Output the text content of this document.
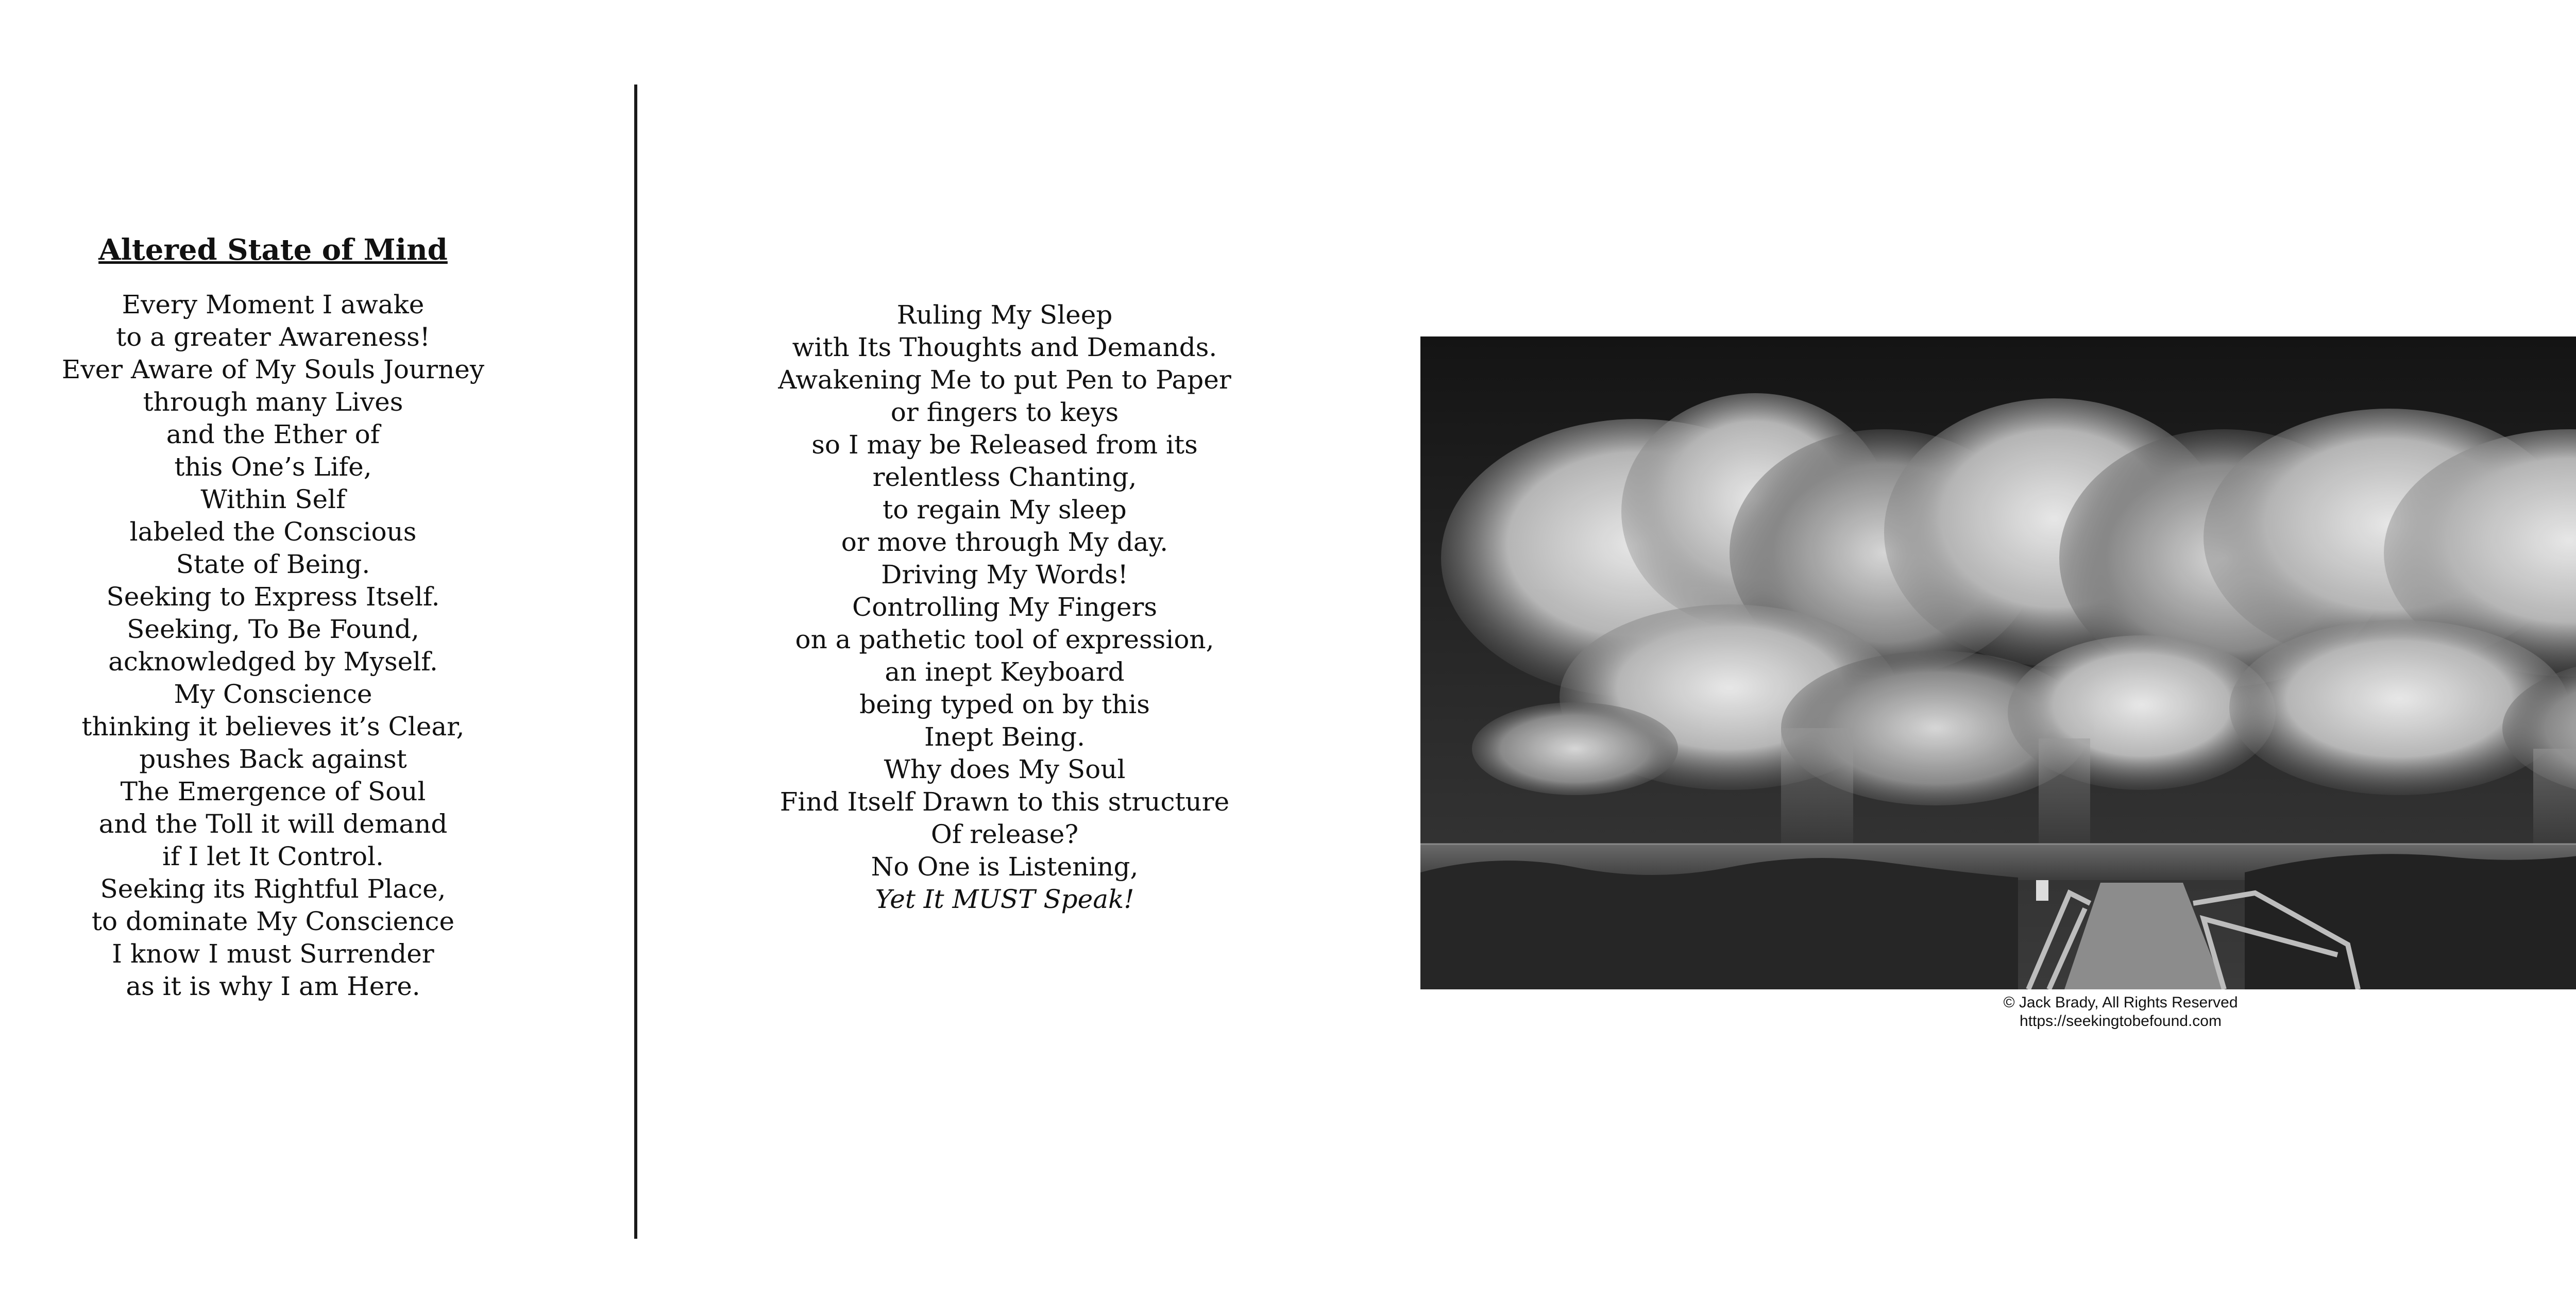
Altered State of Mind

Every Moment I awake
to a greater Awareness!

Ever Aware of My Souls Journey
through many Lives
and the Ether of
this One’s Life,
Within Self
labeled the Conscious
State of Being.

Seeking to Express Itself.
Seeking, To Be Found,
acknowledged by Myself.

My Conscience
thinking it believes it’s Clear,
pushes Back against
The Emergence of Soul
and the Toll it will demand
if I let It Control.

Seeking its Rightful Place,
to dominate My Conscience
I know I must Surrender
as it is why I am Here.

Ruling My Sleep
with Its Thoughts and Demands.

Awakening Me to put Pen to Paper
or fingers to keys
so I may be Released from its
relentless Chanting,
to regain My sleep
or move through My day.

Driving My Words!
Controlling My Fingers
on a pathetic tool of expression,
an inept Keyboard
being typed on by this
Inept Being.

Why does My Soul
Find Itself Drawn to this structure
Of release?

No One is Listening,

Yet It MUST Speak!

© Jack Brady, All Rights Reserved
https://seekingtobefound.com
